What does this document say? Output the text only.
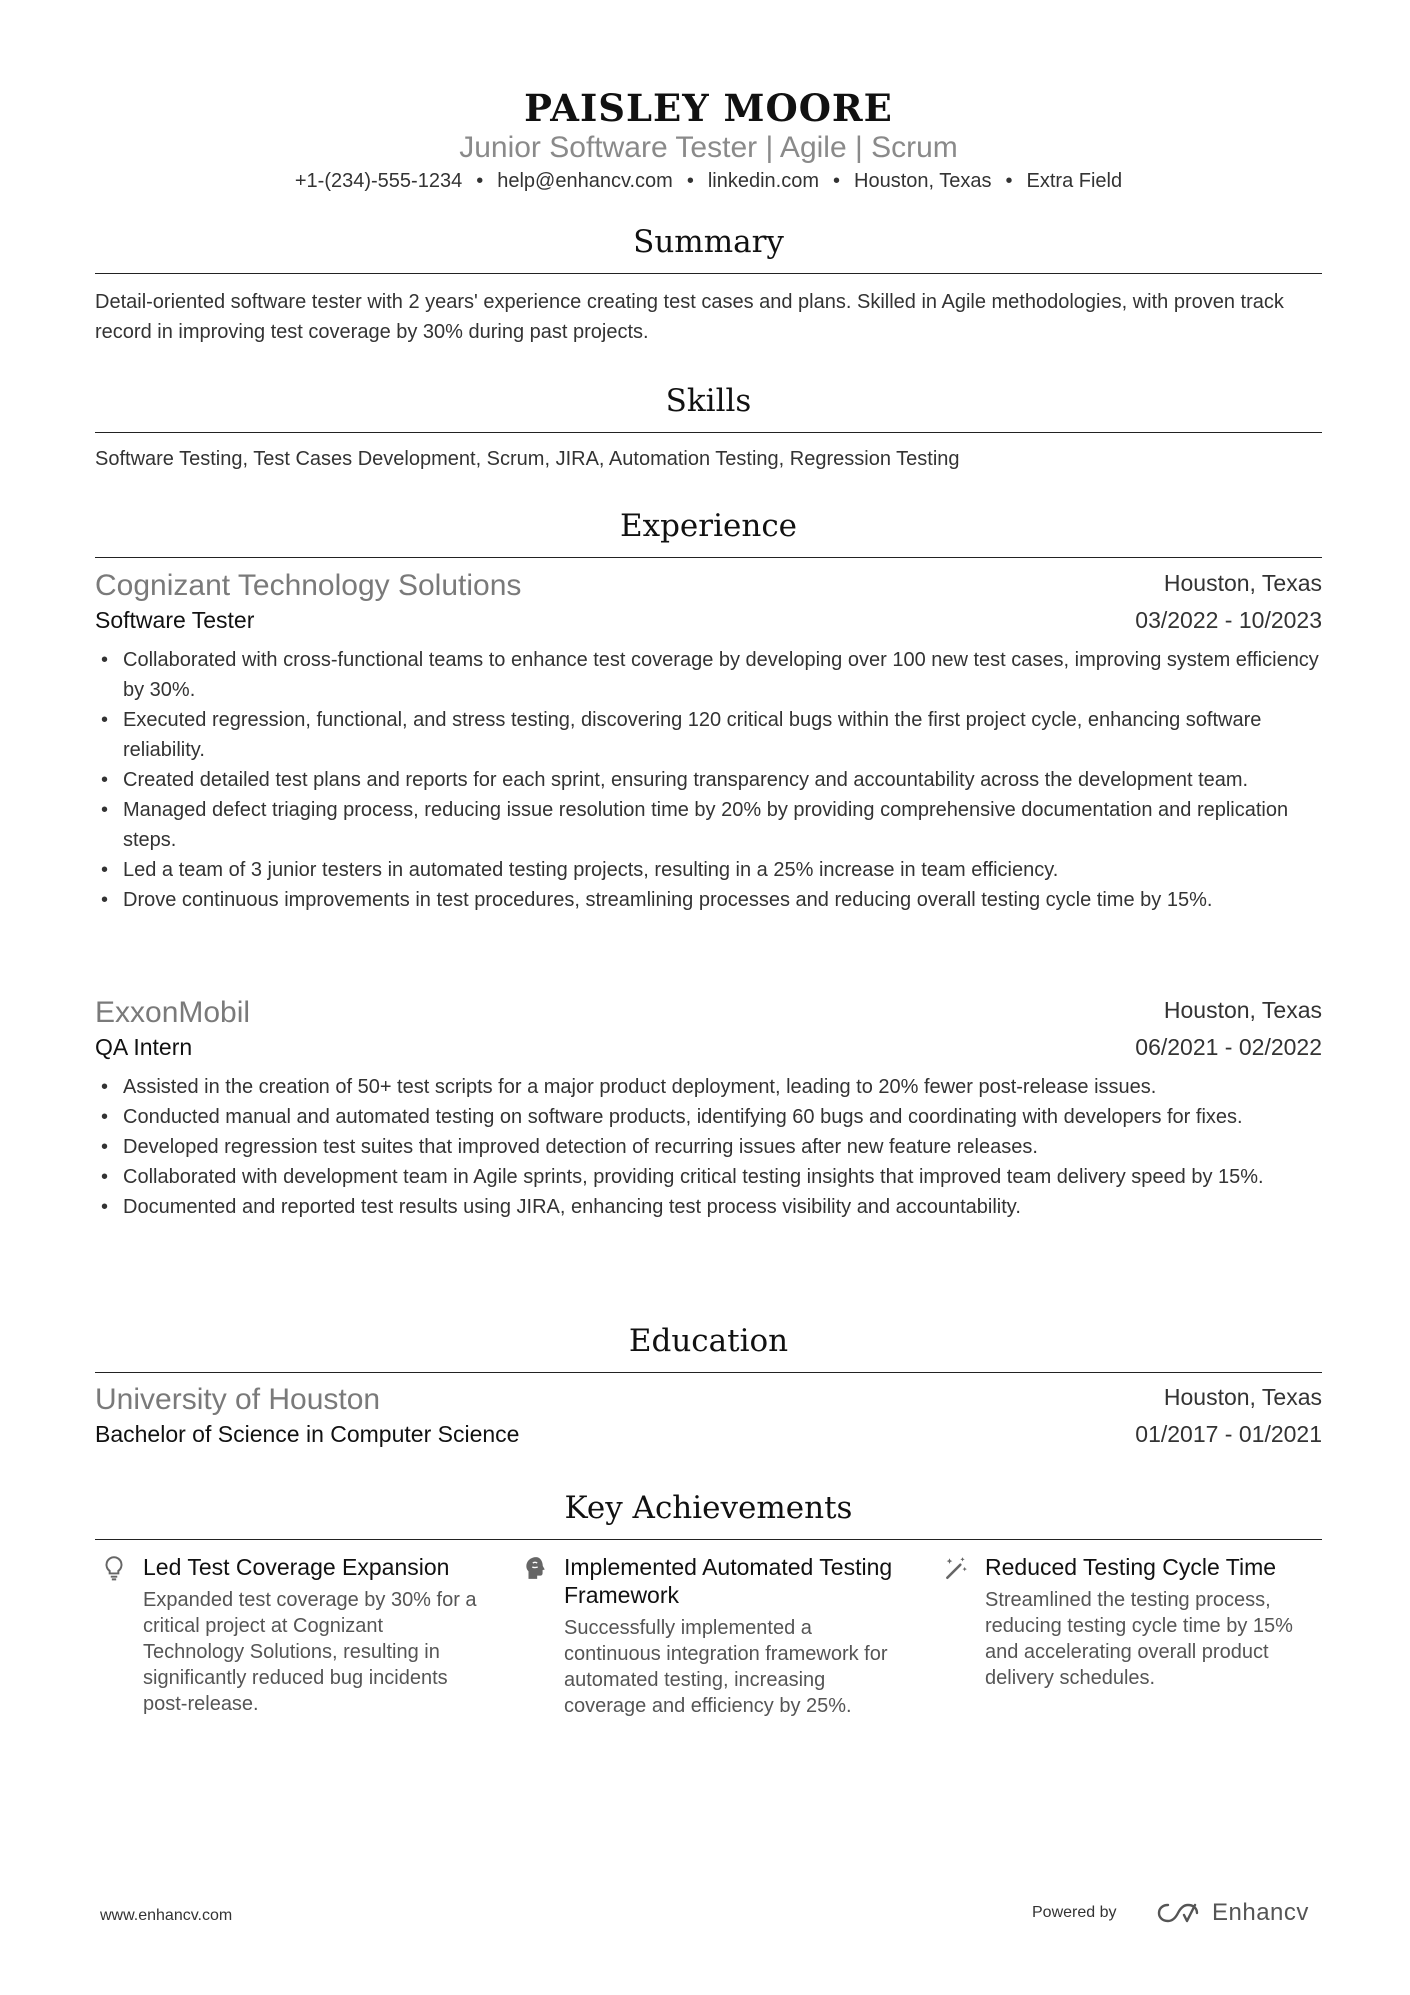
PAISLEY MOORE
Junior Software Tester | Agile | Scrum
+1-(234)-555-1234 • help@enhancv.com • linkedin.com • Houston, Texas • Extra Field
Summary
Detail-oriented software tester with 2 years' experience creating test cases and plans. Skilled in Agile methodologies, with proven track record in improving test coverage by 30% during past projects.
Skills
Software Testing, Test Cases Development, Scrum, JIRA, Automation Testing, Regression Testing
Experience
Cognizant Technology Solutions	Houston, Texas
Software Tester	03/2022 - 10/2023
• Collaborated with cross-functional teams to enhance test coverage by developing over 100 new test cases, improving system efficiency by 30%.
• Executed regression, functional, and stress testing, discovering 120 critical bugs within the first project cycle, enhancing software reliability.
• Created detailed test plans and reports for each sprint, ensuring transparency and accountability across the development team.
• Managed defect triaging process, reducing issue resolution time by 20% by providing comprehensive documentation and replication steps.
• Led a team of 3 junior testers in automated testing projects, resulting in a 25% increase in team efficiency.
• Drove continuous improvements in test procedures, streamlining processes and reducing overall testing cycle time by 15%.
ExxonMobil	Houston, Texas
QA Intern	06/2021 - 02/2022
• Assisted in the creation of 50+ test scripts for a major product deployment, leading to 20% fewer post-release issues.
• Conducted manual and automated testing on software products, identifying 60 bugs and coordinating with developers for fixes.
• Developed regression test suites that improved detection of recurring issues after new feature releases.
• Collaborated with development team in Agile sprints, providing critical testing insights that improved team delivery speed by 15%.
• Documented and reported test results using JIRA, enhancing test process visibility and accountability.
Education
University of Houston	Houston, Texas
Bachelor of Science in Computer Science	01/2017 - 01/2021
Key Achievements
Led Test Coverage Expansion
Expanded test coverage by 30% for a critical project at Cognizant Technology Solutions, resulting in significantly reduced bug incidents post-release.
Implemented Automated Testing Framework
Successfully implemented a continuous integration framework for automated testing, increasing coverage and efficiency by 25%.
Reduced Testing Cycle Time
Streamlined the testing process, reducing testing cycle time by 15% and accelerating overall product delivery schedules.
www.enhancv.com	Powered by	Enhancv
